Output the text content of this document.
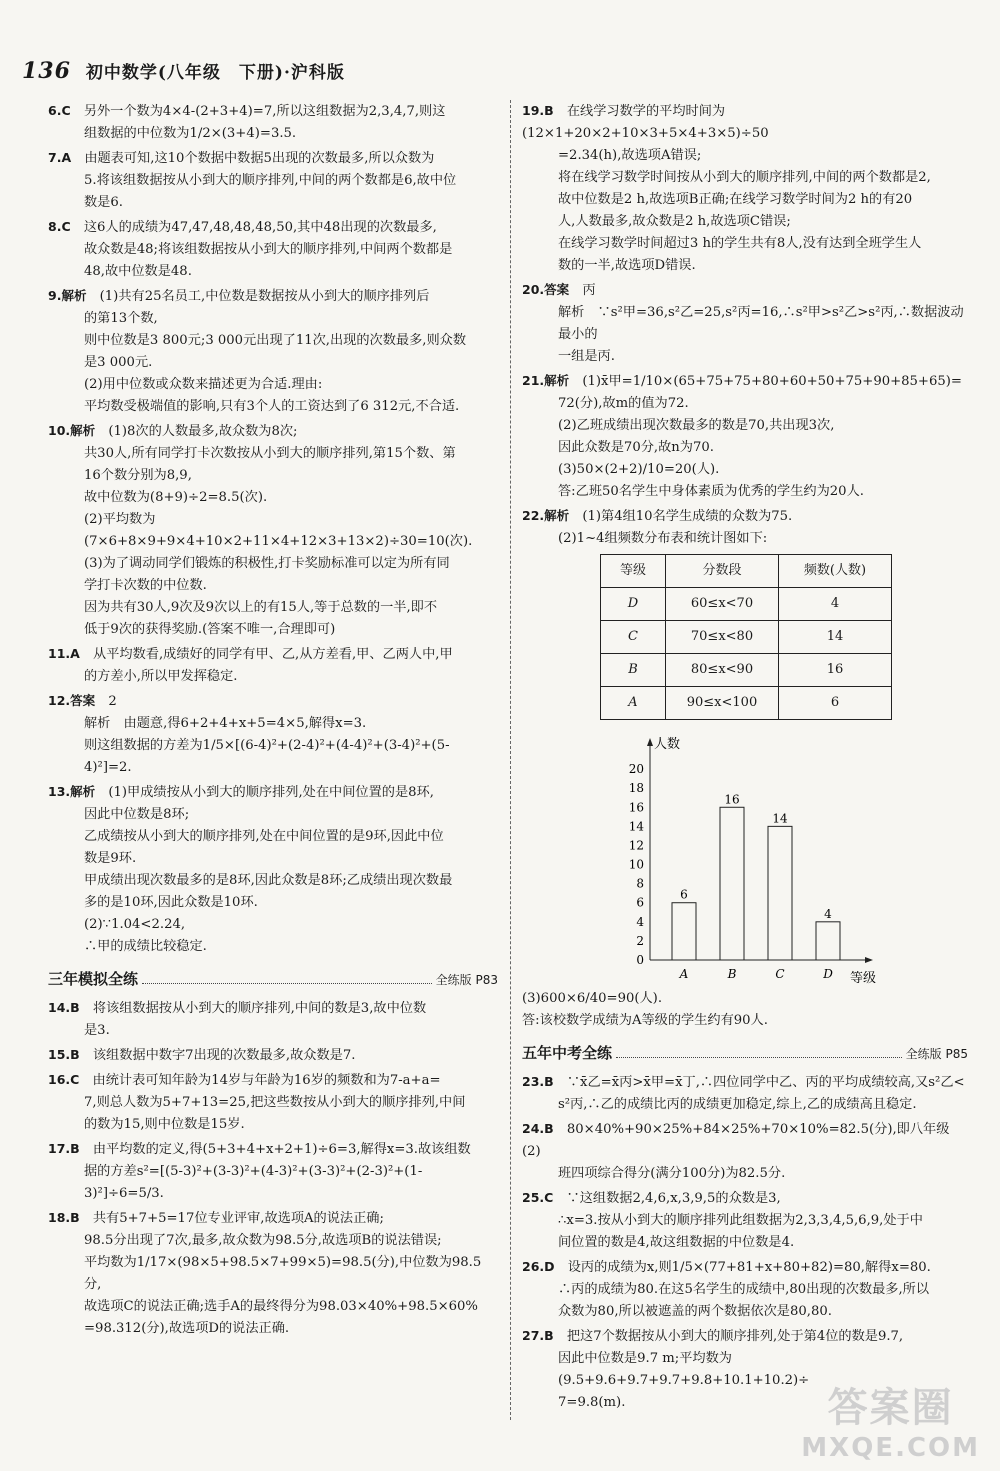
136 初中数学(八年级　下册)·沪科版

6.C　 另外一个数为4×4-(2+3+4)=7,所以这组数据为2,3,4,7,则这

组数据的中位数为1/2×(3+4)=3.5.

7.A　 由题表可知,这10个数据中数据5出现的次数最多,所以众数为

5.将该组数据按从小到大的顺序排列,中间的两个数都是6,故中位

数是6.

8.C　 这6人的成绩为47,47,48,48,48,50,其中48出现的次数最多,

故众数是48;将该组数据按从小到大的顺序排列,中间两个数都是

48,故中位数是48.

9.解析　 (1)共有25名员工,中位数是数据按从小到大的顺序排列后

的第13个数,

则中位数是3 800元;3 000元出现了11次,出现的次数最多,则众数

是3 000元.

(2)用中位数或众数来描述更为合适.理由:

平均数受极端值的影响,只有3个人的工资达到了6 312元,不合适.

10.解析　 (1)8次的人数最多,故众数为8次;

共30人,所有同学打卡次数按从小到大的顺序排列,第15个数、第

16个数分别为8,9,

故中位数为(8+9)÷2=8.5(次).

(2)平均数为(7×6+8×9+9×4+10×2+11×4+12×3+13×2)÷30=10(次).

(3)为了调动同学们锻炼的积极性,打卡奖励标准可以定为所有同

学打卡次数的中位数.

因为共有30人,9次及9次以上的有15人,等于总数的一半,即不

低于9次的获得奖励.(答案不唯一,合理即可)

11.A　 从平均数看,成绩好的同学有甲、乙,从方差看,甲、乙两人中,甲

的方差小,所以甲发挥稳定.

12.答案　 2

解析　由题意,得6+2+4+x+5=4×5,解得x=3.

则这组数据的方差为1/5×[(6-4)²+(2-4)²+(4-4)²+(3-4)²+(5-

4)²]=2.

13.解析　 (1)甲成绩按从小到大的顺序排列,处在中间位置的是8环,

因此中位数是8环;

乙成绩按从小到大的顺序排列,处在中间位置的是9环,因此中位

数是9环.

甲成绩出现次数最多的是8环,因此众数是8环;乙成绩出现次数最

多的是10环,因此众数是10环.

(2)∵1.04<2.24,

∴甲的成绩比较稳定.

三年模拟全练	全练版 P83

14.B　 将该组数据按从小到大的顺序排列,中间的数是3,故中位数

是3.

15.B　 该组数据中数字7出现的次数最多,故众数是7.

16.C　 由统计表可知年龄为14岁与年龄为16岁的频数和为7-a+a=

7,则总人数为5+7+13=25,把这些数按从小到大的顺序排列,中间

的数为15,则中位数是15岁.

17.B　 由平均数的定义,得(5+3+4+x+2+1)÷6=3,解得x=3.故该组数

据的方差s²=[(5-3)²+(3-3)²+(4-3)²+(3-3)²+(2-3)²+(1-

3)²]÷6=5/3.

18.B　 共有5+7+5=17位专业评审,故选项A的说法正确;

98.5分出现了7次,最多,故众数为98.5分,故选项B的说法错误;

平均数为1/17×(98×5+98.5×7+99×5)=98.5(分),中位数为98.5分,

故选项C的说法正确;选手A的最终得分为98.03×40%+98.5×60%

=98.312(分),故选项D的说法正确.

19.B　 在线学习数学的平均时间为(12×1+20×2+10×3+5×4+3×5)÷50

=2.34(h),故选项A错误;

将在线学习数学时间按从小到大的顺序排列,中间的两个数都是2,

故中位数是2 h,故选项B正确;在线学习数学时间为2 h的有20

人,人数最多,故众数是2 h,故选项C错误;

在线学习数学时间超过3 h的学生共有8人,没有达到全班学生人

数的一半,故选项D错误.

20.答案　 丙

解析　∵s²甲=36,s²乙=25,s²丙=16,∴s²甲>s²乙>s²丙,∴数据波动最小的

一组是丙.

21.解析　 (1)x̄甲=1/10×(65+75+75+80+60+50+75+90+85+65)=

72(分),故m的值为72.

(2)乙班成绩出现次数最多的数是70,共出现3次,

因此众数是70分,故n为70.

(3)50×(2+2)/10=20(人).

答:乙班50名学生中身体素质为优秀的学生约为20人.

22.解析　 (1)第4组10名学生成绩的众数为75.

(2)1~4组频数分布表和统计图如下:

等级	分数段	频数(人数)
D	60≤x<70	4
C	70≤x<80	14
B	80≤x<90	16
A	90≤x<100	6
人数
等级
0
2
4
6
8
10
12
14
16
18
20
6
A
16
B
14
C
4
D

(3)600×6/40=90(人).

答:该校数学成绩为A等级的学生约有90人.

五年中考全练	全练版 P85

23.B　 ∵x̄乙=x̄丙>x̄甲=x̄丁,∴四位同学中乙、丙的平均成绩较高,又s²乙<

s²丙,∴乙的成绩比丙的成绩更加稳定,综上,乙的成绩高且稳定.

24.B　 80×40%+90×25%+84×25%+70×10%=82.5(分),即八年级(2)

班四项综合得分(满分100分)为82.5分.

25.C　 ∵这组数据2,4,6,x,3,9,5的众数是3,

∴x=3.按从小到大的顺序排列此组数据为2,3,3,4,5,6,9,处于中

间位置的数是4,故这组数据的中位数是4.

26.D　 设丙的成绩为x,则1/5×(77+81+x+80+82)=80,解得x=80.

∴丙的成绩为80.在这5名学生的成绩中,80出现的次数最多,所以

众数为80,所以被遮盖的两个数据依次是80,80.

27.B　 把这7个数据按从小到大的顺序排列,处于第4位的数是9.7,

因此中位数是9.7 m;平均数为(9.5+9.6+9.7+9.7+9.8+10.1+10.2)÷

7=9.8(m).	答案圈
MXQE.COM
